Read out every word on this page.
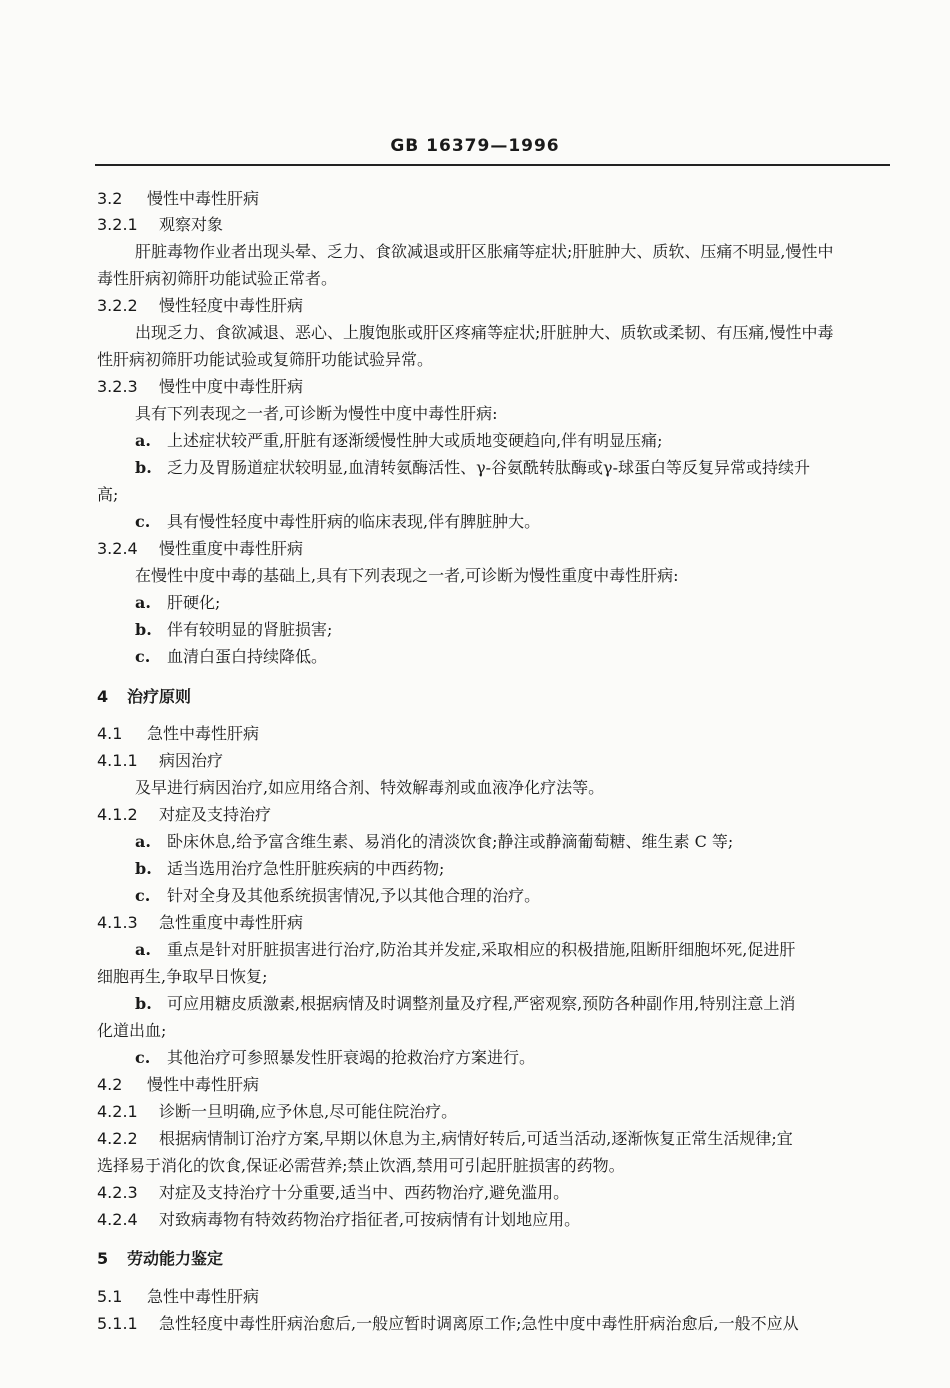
GB 16379—1996
3.2 慢性中毒性肝病
3.2.1 观察对象
肝脏毒物作业者出现头晕、乏力、食欲减退或肝区胀痛等症状;肝脏肿大、质软、压痛不明显,慢性中
毒性肝病初筛肝功能试验正常者。
3.2.2 慢性轻度中毒性肝病
出现乏力、食欲减退、恶心、上腹饱胀或肝区疼痛等症状;肝脏肿大、质软或柔韧、有压痛,慢性中毒
性肝病初筛肝功能试验或复筛肝功能试验异常。
3.2.3 慢性中度中毒性肝病
具有下列表现之一者,可诊断为慢性中度中毒性肝病:
a. 上述症状较严重,肝脏有逐渐缓慢性肿大或质地变硬趋向,伴有明显压痛;
b. 乏力及胃肠道症状较明显,血清转氨酶活性、γ-谷氨酰转肽酶或γ-球蛋白等反复异常或持续升
高;
c. 具有慢性轻度中毒性肝病的临床表现,伴有脾脏肿大。
3.2.4 慢性重度中毒性肝病
在慢性中度中毒的基础上,具有下列表现之一者,可诊断为慢性重度中毒性肝病:
a. 肝硬化;
b. 伴有较明显的肾脏损害;
c. 血清白蛋白持续降低。
4 治疗原则
4.1 急性中毒性肝病
4.1.1 病因治疗
及早进行病因治疗,如应用络合剂、特效解毒剂或血液净化疗法等。
4.1.2 对症及支持治疗
a. 卧床休息,给予富含维生素、易消化的清淡饮食;静注或静滴葡萄糖、维生素 C 等;
b. 适当选用治疗急性肝脏疾病的中西药物;
c. 针对全身及其他系统损害情况,予以其他合理的治疗。
4.1.3 急性重度中毒性肝病
a. 重点是针对肝脏损害进行治疗,防治其并发症,采取相应的积极措施,阻断肝细胞坏死,促进肝
细胞再生,争取早日恢复;
b. 可应用糖皮质激素,根据病情及时调整剂量及疗程,严密观察,预防各种副作用,特别注意上消
化道出血;
c. 其他治疗可参照暴发性肝衰竭的抢救治疗方案进行。
4.2 慢性中毒性肝病
4.2.1 诊断一旦明确,应予休息,尽可能住院治疗。
4.2.2 根据病情制订治疗方案,早期以休息为主,病情好转后,可适当活动,逐渐恢复正常生活规律;宜
选择易于消化的饮食,保证必需营养;禁止饮酒,禁用可引起肝脏损害的药物。
4.2.3 对症及支持治疗十分重要,适当中、西药物治疗,避免滥用。
4.2.4 对致病毒物有特效药物治疗指征者,可按病情有计划地应用。
5 劳动能力鉴定
5.1 急性中毒性肝病
5.1.1 急性轻度中毒性肝病治愈后,一般应暂时调离原工作;急性中度中毒性肝病治愈后,一般不应从
